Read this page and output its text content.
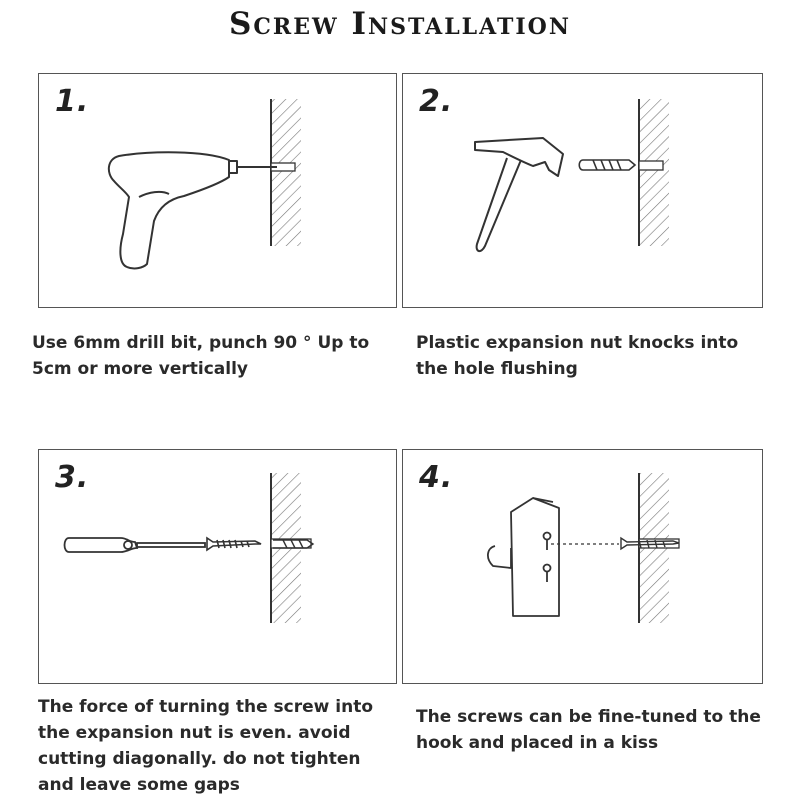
Screw Installation
1.	2.
3.	4.
Use 6mm drill bit, punch 90 ° Up to 5cm or more vertically
Plastic expansion nut knocks into the hole flushing
The force of turning the screw into the expansion nut is even. avoid cutting diagonally. do not tighten and leave some gaps
The screws can be fine-tuned to the hook and placed in a kiss
